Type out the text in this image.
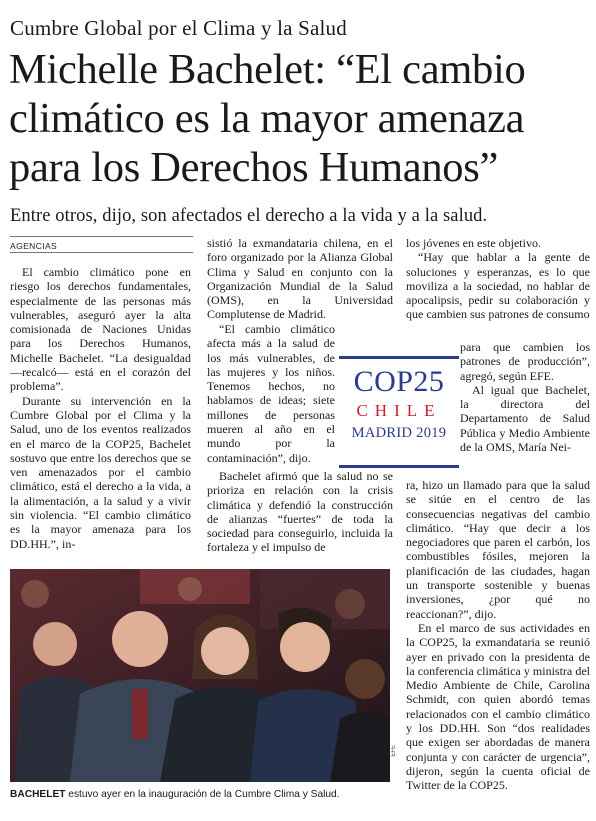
Cumbre Global por el Clima y la Salud
Michelle Bachelet: “El cambio climático es la mayor amenaza para los Derechos Humanos”
Entre otros, dijo, son afectados el derecho a la vida y a la salud.
AGENCIAS

El cambio climático pone en riesgo los derechos fundamentales, especialmente de las personas más vulnerables, aseguró ayer la alta comisionada de Naciones Unidas para los Derechos Humanos, Michelle Bachelet. “La desigualdad —recalcó— está en el corazón del problema”.

Durante su intervención en la Cumbre Global por el Clima y la Salud, uno de los eventos realizados en el marco de la COP25, Bachelet sostuvo que entre los derechos que se ven amenazados por el cambio climático, está el derecho a la vida, a la alimentación, a la salud y a vivir sin violencia. “El cambio climático es la mayor amenaza para los DD.HH.”, in-

sistió la exmandataria chilena, en el foro organizado por la Alianza Global Clima y Salud en conjunto con la Organización Mundial de la Salud (OMS), en la Universidad Complutense de Madrid.

“El cambio climático afecta más a la salud de los más vulnerables, de las mujeres y los niños. Tenemos hechos, no hablamos de ideas; siete millones de personas mueren al año en el mundo por la contaminación”, dijo.

Bachelet afirmó que la salud no se prioriza en relación con la crisis climática y defendió la construcción de alianzas “fuertes” de toda la sociedad para conseguirlo, incluida la fortaleza y el impulso de

los jóvenes en este objetivo.

“Hay que hablar a la gente de soluciones y esperanzas, es lo que moviliza a la sociedad, no hablar de apocalipsis, pedir su colaboración y que cambien sus patrones de consumo

para que cambien los patrones de producción”, agregó, según EFE.

Al igual que Bachelet, la directora del Departamento de Salud Pública y Medio Ambiente de la OMS, María Nei-

ra, hizo un llamado para que la salud se sitúe en el centro de las consecuencias negativas del cambio climático. “Hay que decir a los negociadores que paren el carbón, los combustibles fósiles, mejoren la planificación de las ciudades, hagan un transporte sostenible y buenas inversiones, ¿por qué no reaccionan?”, dijo.

En el marco de sus actividades en la COP25, la exmandataria se reunió ayer en privado con la presidenta de la conferencia climática y ministra del Medio Ambiente de Chile, Carolina Schmidt, con quien abordó temas relacionados con el cambio climático y los DD.HH. Son “dos realidades que exigen ser abordadas de manera conjunta y con carácter de urgencia”, dijeron, según la cuenta oficial de Twitter de la COP25.

COP25
CHILE
MADRID 2019
EFE
BACHELET estuvo ayer en la inauguración de la Cumbre Clima y Salud.
